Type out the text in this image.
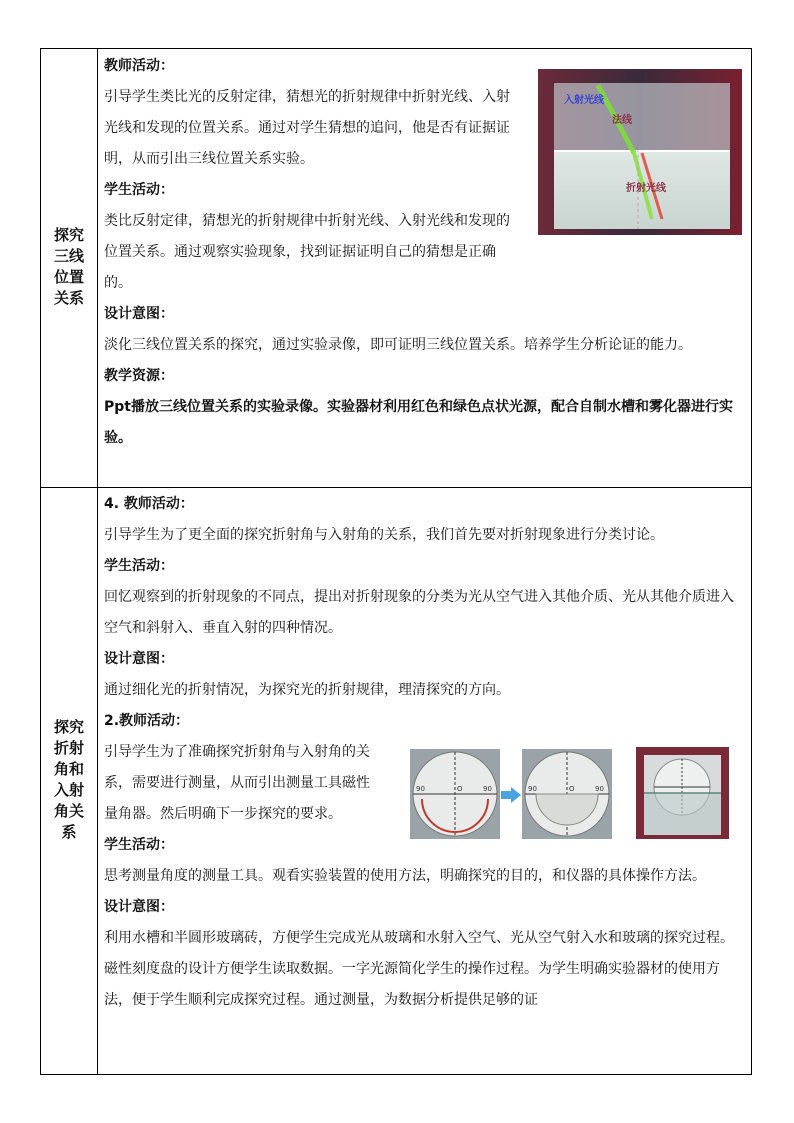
探究
三线
位置
关系

教师活动：

引导学生类比光的反射定律，猜想光的折射规律中折射光线、入射光线和发现的位置关系。通过对学生猜想的追问，他是否有证据证明，从而引出三线位置关系实验。

学生活动：

类比反射定律，猜想光的折射规律中折射光线、入射光线和发现的位置关系。通过观察实验现象，找到证据证明自己的猜想是正确的。

设计意图：

淡化三线位置关系的探究，通过实验录像，即可证明三线位置关系。培养学生分析论证的能力。

教学资源：

Ppt播放三线位置关系的实验录像。实验器材利用红色和绿色点状光源，配合自制水槽和雾化器进行实验。

入射光线
法线
折射光线
探究
折射
角和
入射
角关
系

4. 教师活动：

引导学生为了更全面的探究折射角与入射角的关系，我们首先要对折射现象进行分类讨论。

学生活动：

回忆观察到的折射现象的不同点，提出对折射现象的分类为光从空气进入其他介质、光从其他介质进入空气和斜射入、垂直入射的四种情况。

设计意图：

通过细化光的折射情况，为探究光的折射规律，理清探究的方向。

2.教师活动：

引导学生为了准确探究折射角与入射角的关系，需要进行测量，从而引出测量工具磁性量角器。然后明确下一步探究的要求。

学生活动：

思考测量角度的测量工具。观看实验装置的使用方法，明确探究的目的，和仪器的具体操作方法。

设计意图：

利用水槽和半圆形玻璃砖，方便学生完成光从玻璃和水射入空气、光从空气射入水和玻璃的探究过程。磁性刻度盘的设计方便学生读取数据。一字光源简化学生的操作过程。为学生明确实验器材的使用方法，便于学生顺利完成探究过程。通过测量，为数据分析提供足够的证

O	90
90	O	90
90
